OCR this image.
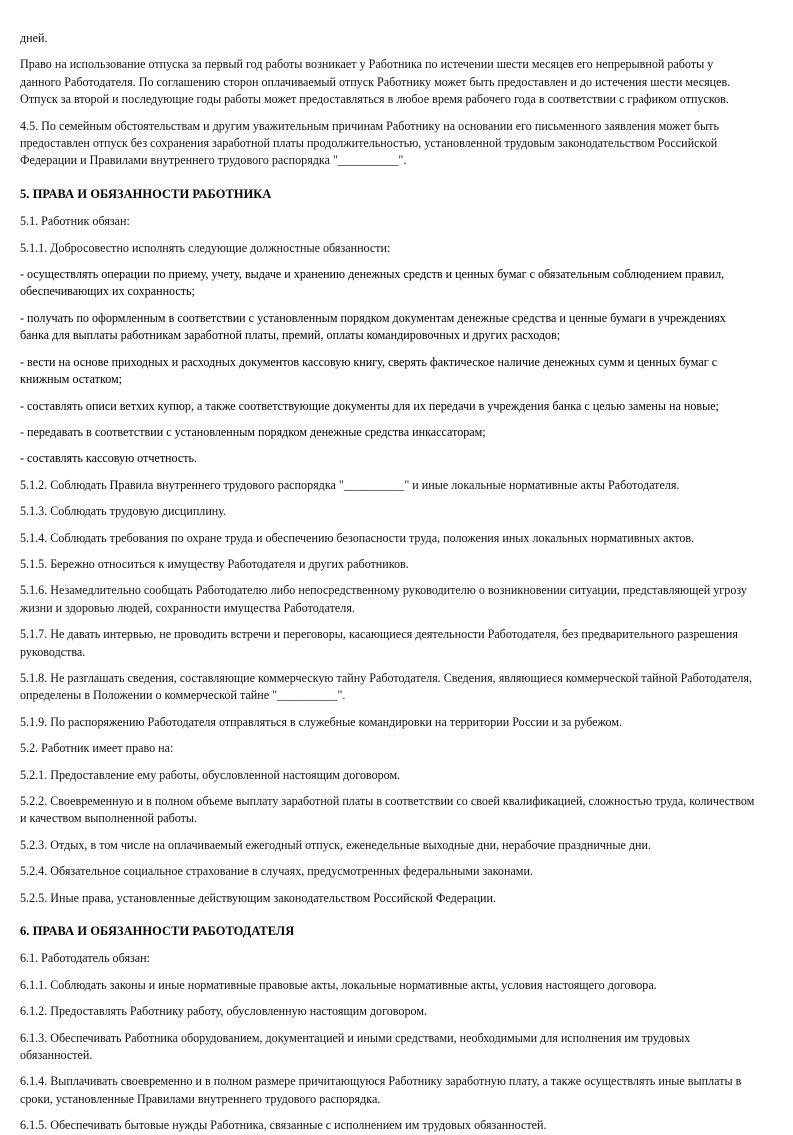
дней.

Право на использование отпуска за первый год работы возникает у Работника по истечении шести месяцев его непрерывной работы у данного Работодателя. По соглашению сторон оплачиваемый отпуск Работнику может быть предоставлен и до истечения шести месяцев. Отпуск за второй и последующие годы работы может предоставляться в любое время рабочего года в соответствии с графиком отпусков.

4.5. По семейным обстоятельствам и другим уважительным причинам Работнику на основании его письменного заявления может быть предоставлен отпуск без сохранения заработной платы продолжительностью, установленной трудовым законодательством Российской Федерации и Правилами внутреннего трудового распорядка "__________".

5. ПРАВА И ОБЯЗАННОСТИ РАБОТНИКА

5.1. Работник обязан:

5.1.1. Добросовестно исполнять следующие должностные обязанности:

- осуществлять операции по приему, учету, выдаче и хранению денежных средств и ценных бумаг с обязательным соблюдением правил, обеспечивающих их сохранность;

- получать по оформленным в соответствии с установленным порядком документам денежные средства и ценные бумаги в учреждениях банка для выплаты работникам заработной платы, премий, оплаты командировочных и других расходов;

- вести на основе приходных и расходных документов кассовую книгу, сверять фактическое наличие денежных сумм и ценных бумаг с книжным остатком;

- составлять описи ветхих купюр, а также соответствующие документы для их передачи в учреждения банка с целью замены на новые;

- передавать в соответствии с установленным порядком денежные средства инкассаторам;

- составлять кассовую отчетность.

5.1.2. Соблюдать Правила внутреннего трудового распорядка "__________" и иные локальные нормативные акты Работодателя.

5.1.3. Соблюдать трудовую дисциплину.

5.1.4. Соблюдать требования по охране труда и обеспечению безопасности труда, положения иных локальных нормативных актов.

5.1.5. Бережно относиться к имуществу Работодателя и других работников.

5.1.6. Незамедлительно сообщать Работодателю либо непосредственному руководителю о возникновении ситуации, представляющей угрозу жизни и здоровью людей, сохранности имущества Работодателя.

5.1.7. Не давать интервью, не проводить встречи и переговоры, касающиеся деятельности Работодателя, без предварительного разрешения руководства.

5.1.8. Не разглашать сведения, составляющие коммерческую тайну Работодателя. Сведения, являющиеся коммерческой тайной Работодателя, определены в Положении о коммерческой тайне "__________".

5.1.9. По распоряжению Работодателя отправляться в служебные командировки на территории России и за рубежом.

5.2. Работник имеет право на:

5.2.1. Предоставление ему работы, обусловленной настоящим договором.

5.2.2. Своевременную и в полном объеме выплату заработной платы в соответствии со своей квалификацией, сложностью труда, количеством и качеством выполненной работы.

5.2.3. Отдых, в том числе на оплачиваемый ежегодный отпуск, еженедельные выходные дни, нерабочие праздничные дни.

5.2.4. Обязательное социальное страхование в случаях, предусмотренных федеральными законами.

5.2.5. Иные права, установленные действующим законодательством Российской Федерации.

6. ПРАВА И ОБЯЗАННОСТИ РАБОТОДАТЕЛЯ

6.1. Работодатель обязан:

6.1.1. Соблюдать законы и иные нормативные правовые акты, локальные нормативные акты, условия настоящего договора.

6.1.2. Предоставлять Работнику работу, обусловленную настоящим договором.

6.1.3. Обеспечивать Работника оборудованием, документацией и иными средствами, необходимыми для исполнения им трудовых обязанностей.

6.1.4. Выплачивать своевременно и в полном размере причитающуюся Работнику заработную плату, а также осуществлять иные выплаты в сроки, установленные Правилами внутреннего трудового распорядка.

6.1.5. Обеспечивать бытовые нужды Работника, связанные с исполнением им трудовых обязанностей.
